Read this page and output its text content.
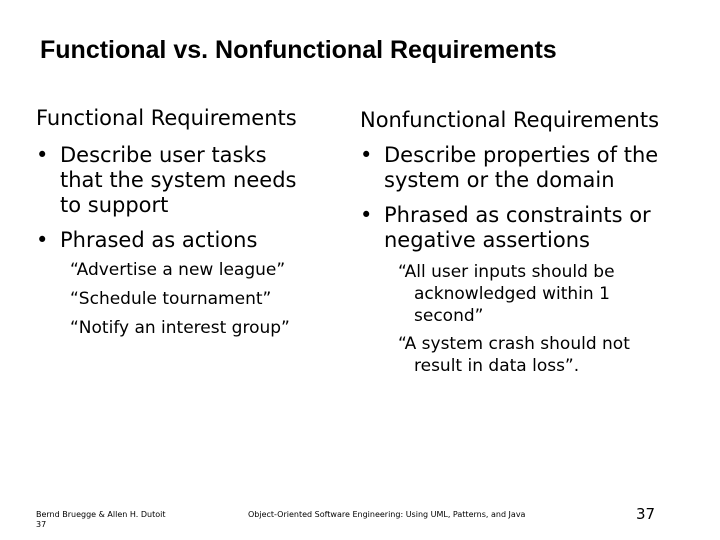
Functional vs. Nonfunctional Requirements
Functional Requirements
• Describe user tasks
that the system needs
to support
• Phrased as actions
“Advertise a new league”
“Schedule tournament”
“Notify an interest group”
Nonfunctional Requirements
• Describe properties of the
system or the domain
• Phrased as constraints or
negative assertions
“All user inputs should be
acknowledged within 1
second”
“A system crash should not
result in data loss”.
Bernd Bruegge & Allen H. Dutoit
37
Object-Oriented Software Engineering: Using UML, Patterns, and Java	37
